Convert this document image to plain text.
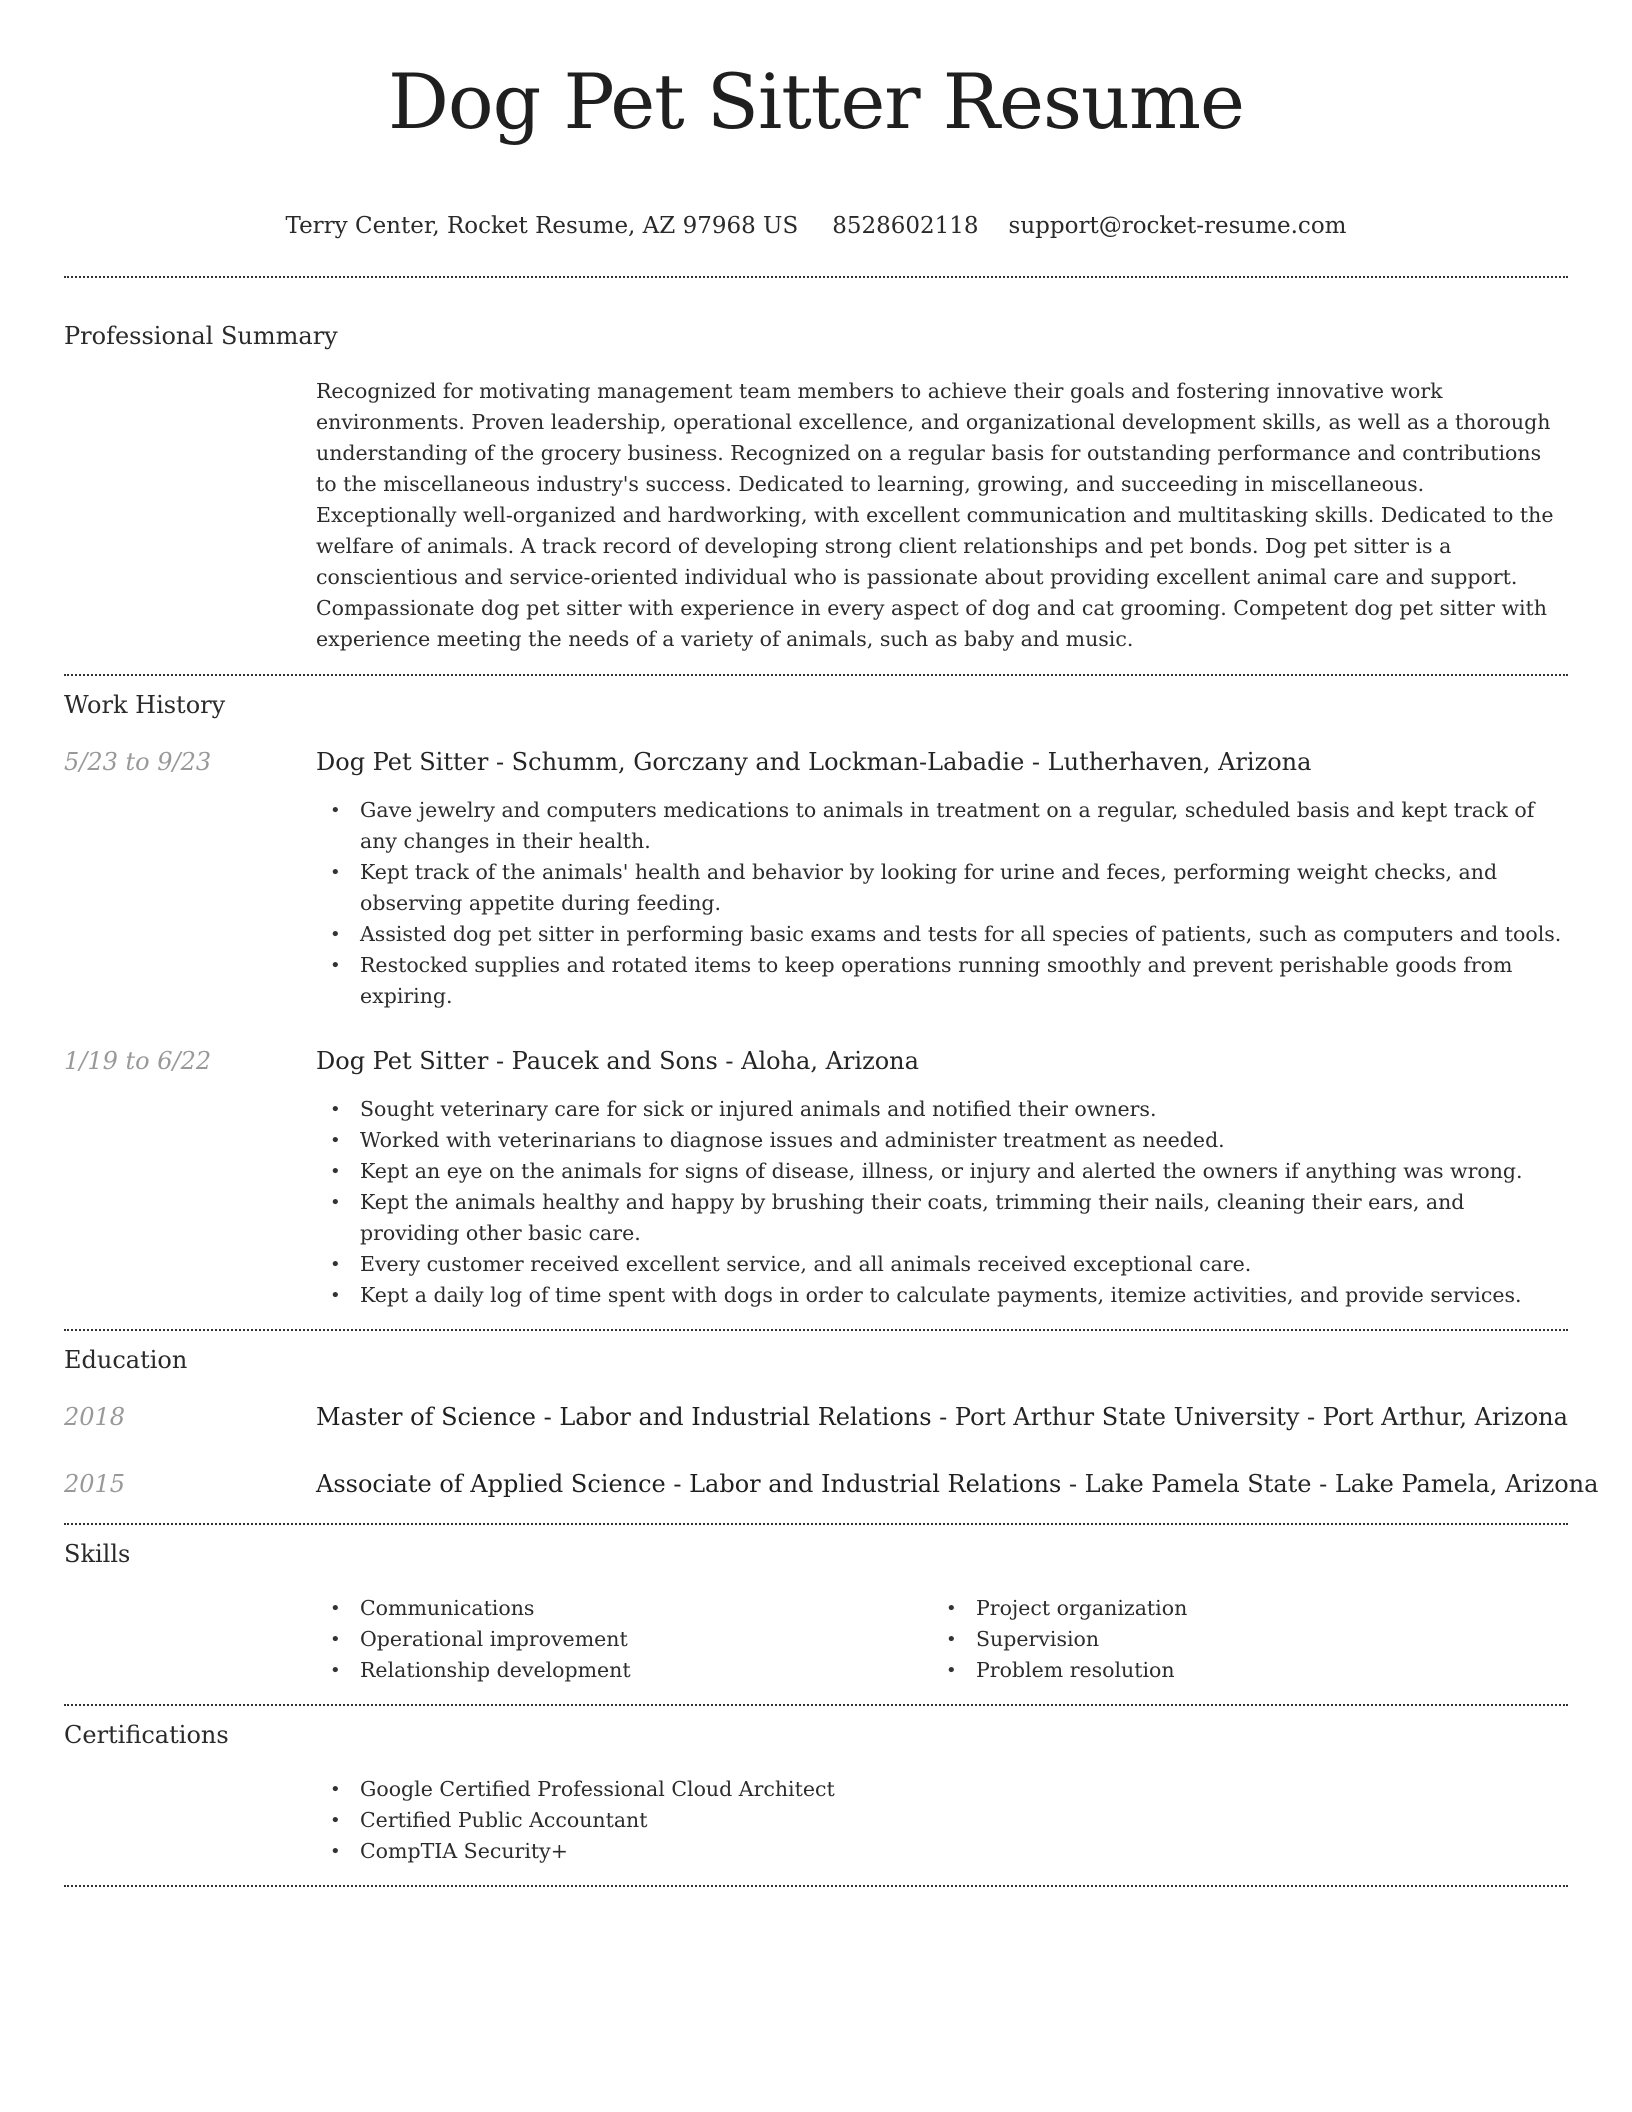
Dog Pet Sitter Resume
Terry Center, Rocket Resume, AZ 97968 US 8528602118 support@rocket-resume.com
Professional Summary

Recognized for motivating management team members to achieve their goals and fostering innovative work environments. Proven leadership, operational excellence, and organizational development skills, as well as a thorough understanding of the grocery business. Recognized on a regular basis for outstanding performance and contributions to the miscellaneous industry's success. Dedicated to learning, growing, and succeeding in miscellaneous. Exceptionally well-organized and hardworking, with excellent communication and multitasking skills. Dedicated to the welfare of animals. A track record of developing strong client relationships and pet bonds. Dog pet sitter is a conscientious and service-oriented individual who is passionate about providing excellent animal care and support. Compassionate dog pet sitter with experience in every aspect of dog and cat grooming. Competent dog pet sitter with experience meeting the needs of a variety of animals, such as baby and music.

Work History
5/23 to 9/23	Dog Pet Sitter - Schumm, Gorczany and Lockman-Labadie - Lutherhaven, Arizona
• Gave jewelry and computers medications to animals in treatment on a regular, scheduled basis and kept track of any changes in their health.
• Kept track of the animals' health and behavior by looking for urine and feces, performing weight checks, and observing appetite during feeding.
• Assisted dog pet sitter in performing basic exams and tests for all species of patients, such as computers and tools.
• Restocked supplies and rotated items to keep operations running smoothly and prevent perishable goods from expiring.
1/19 to 6/22	Dog Pet Sitter - Paucek and Sons - Aloha, Arizona
• Sought veterinary care for sick or injured animals and notified their owners.
• Worked with veterinarians to diagnose issues and administer treatment as needed.
• Kept an eye on the animals for signs of disease, illness, or injury and alerted the owners if anything was wrong.
• Kept the animals healthy and happy by brushing their coats, trimming their nails, cleaning their ears, and providing other basic care.
• Every customer received excellent service, and all animals received exceptional care.
• Kept a daily log of time spent with dogs in order to calculate payments, itemize activities, and provide services.
Education
2018	Master of Science - Labor and Industrial Relations - Port Arthur State University - Port Arthur, Arizona
2015	Associate of Applied Science - Labor and Industrial Relations - Lake Pamela State - Lake Pamela, Arizona
Skills
• Communications
• Operational improvement
• Relationship development
• Project organization
• Supervision
• Problem resolution
Certifications
• Google Certified Professional Cloud Architect
• Certified Public Accountant
• CompTIA Security+
